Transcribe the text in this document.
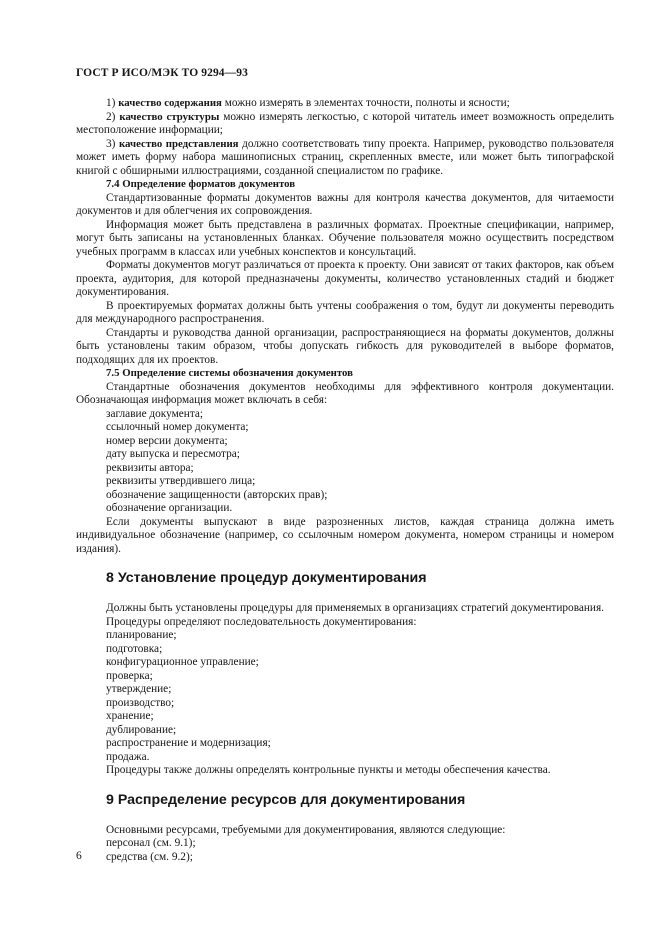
ГОСТ Р ИСО/МЭК ТО 9294—93

1) качество содержания можно измерять в элементах точности, полноты и ясности;

2) качество структуры можно измерять легкостью, с которой читатель имеет возможность определить местоположение информации;

3) качество представления должно соответствовать типу проекта. Например, руководство пользователя может иметь форму набора машинописных страниц, скрепленных вместе, или может быть типографской книгой с обширными иллюстрациями, созданной специалистом по графике.

7.4 Определение форматов документов

Стандартизованные форматы документов важны для контроля качества документов, для читаемости документов и для облегчения их сопровождения.

Информация может быть представлена в различных форматах. Проектные спецификации, например, могут быть записаны на установленных бланках. Обучение пользователя можно осуществить посредством учебных программ в классах или учебных конспектов и консультаций.

Форматы документов могут различаться от проекта к проекту. Они зависят от таких факторов, как объем проекта, аудитория, для которой предназначены документы, количество установленных стадий и бюджет документирования.

В проектируемых форматах должны быть учтены соображения о том, будут ли документы переводить для международного распространения.

Стандарты и руководства данной организации, распространяющиеся на форматы документов, должны быть установлены таким образом, чтобы допускать гибкость для руководителей в выборе форматов, подходящих для их проектов.

7.5 Определение системы обозначения документов

Стандартные обозначения документов необходимы для эффективного контроля документации. Обозначающая информация может включать в себя:

заглавие документа;

ссылочный номер документа;

номер версии документа;

дату выпуска и пересмотра;

реквизиты автора;

реквизиты утвердившего лица;

обозначение защищенности (авторских прав);

обозначение организации.

Если документы выпускают в виде разрозненных листов, каждая страница должна иметь индивидуальное обозначение (например, со ссылочным номером документа, номером страницы и номером издания).

8 Установление процедур документирования

Должны быть установлены процедуры для применяемых в организациях стратегий документирования.

Процедуры определяют последовательность документирования:

планирование;

подготовка;

конфигурационное управление;

проверка;

утверждение;

производство;

хранение;

дублирование;

распространение и модернизация;

продажа.

Процедуры также должны определять контрольные пункты и методы обеспечения качества.

9 Распределение ресурсов для документирования

Основными ресурсами, требуемыми для документирования, являются следующие:

персонал (см. 9.1);

средства (см. 9.2);

6
